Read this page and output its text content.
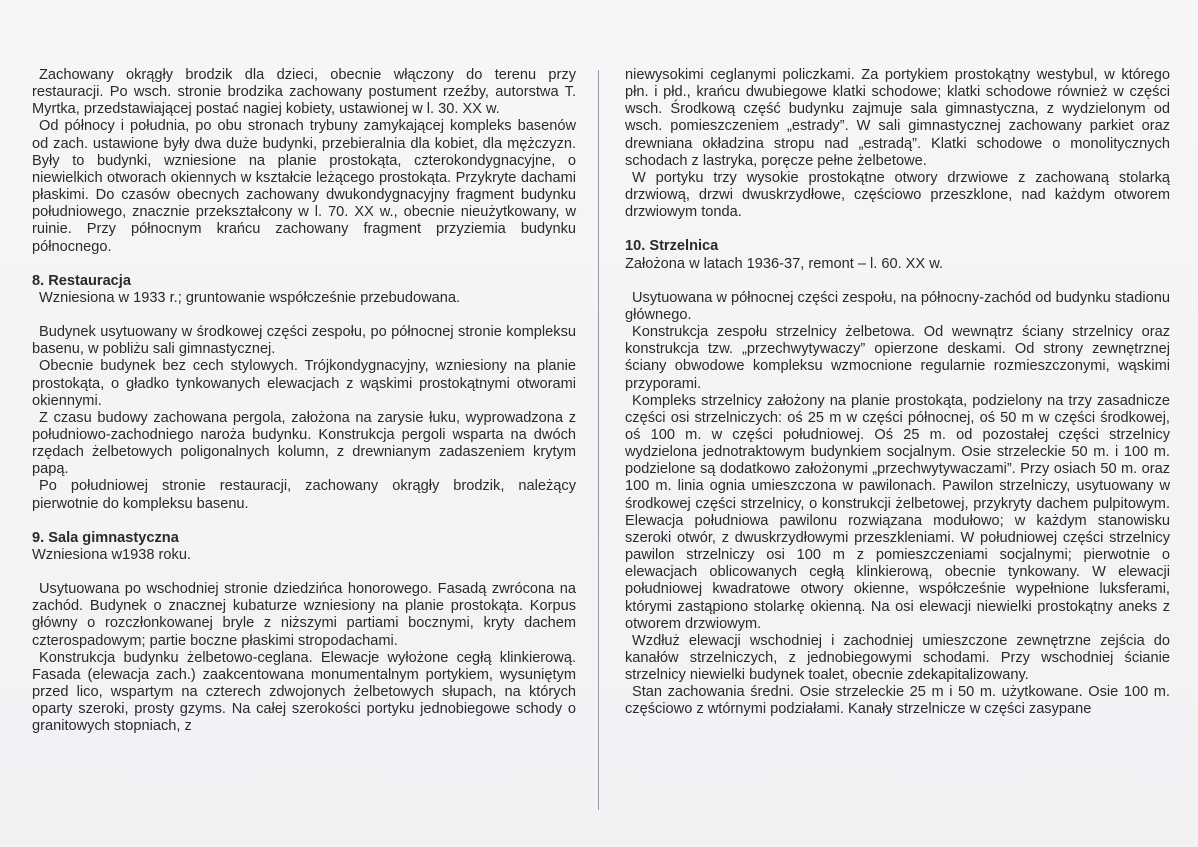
Zachowany okrągły brodzik dla dzieci, obecnie włączony do terenu przy restauracji. Po wsch. stronie brodzika zachowany postument rzeźby, autorstwa T. Myrtka, przedstawiającej postać nagiej kobiety, ustawionej w l. 30. XX w.

Od północy i południa, po obu stronach trybuny zamykającej kompleks basenów od zach. ustawione były dwa duże budynki, przebieralnia dla kobiet, dla mężczyzn. Były to budynki, wzniesione na planie prostokąta, czterokondygnacyjne, o niewielkich otworach okiennych w kształcie leżącego prostokąta. Przykryte dachami płaskimi. Do czasów obecnych zachowany dwukondygnacyjny fragment budynku południowego, znacznie przekształcony w l. 70. XX w., obecnie nieużytkowany, w ruinie. Przy północnym krańcu zachowany fragment przyziemia budynku północnego.

8. Restauracja

Wzniesiona w 1933 r.; gruntowanie współcześnie przebudowana.

Budynek usytuowany w środkowej części zespołu, po północnej stronie kompleksu basenu, w pobliżu sali gimnastycznej.

Obecnie budynek bez cech stylowych. Trójkondygnacyjny, wzniesiony na planie prostokąta, o gładko tynkowanych elewacjach z wąskimi prostokątnymi otworami okiennymi.

Z czasu budowy zachowana pergola, założona na zarysie łuku, wyprowadzona z południowo-zachodniego naroża budynku. Konstrukcja pergoli wsparta na dwóch rzędach żelbetowych poligonalnych kolumn, z drewnianym zadaszeniem krytym papą.

Po południowej stronie restauracji, zachowany okrągły brodzik, należący pierwotnie do kompleksu basenu.

9. Sala gimnastyczna

Wzniesiona w1938 roku.

Usytuowana po wschodniej stronie dziedzińca honorowego. Fasadą zwrócona na zachód. Budynek o znacznej kubaturze wzniesiony na planie prostokąta. Korpus główny o rozczłonkowanej bryle z niższymi partiami bocznymi, kryty dachem czterospadowym; partie boczne płaskimi stropodachami.

Konstrukcja budynku żelbetowo-ceglana. Elewacje wyłożone cegłą klinkierową. Fasada (elewacja zach.) zaakcentowana monumentalnym portykiem, wysuniętym przed lico, wspartym na czterech zdwojonych żelbetowych słupach, na których oparty szeroki, prosty gzyms. Na całej szerokości portyku jednobiegowe schody o granitowych stopniach, z

niewysokimi ceglanymi policzkami. Za portykiem prostokątny westybul, w którego płn. i płd., krańcu dwubiegowe klatki schodowe; klatki schodowe również w części wsch. Środkową część budynku zajmuje sala gimnastyczna, z wydzielonym od wsch. pomieszczeniem „estrady”. W sali gimnastycznej zachowany parkiet oraz drewniana okładzina stropu nad „estradą”. Klatki schodowe o monolitycznych schodach z lastryka, poręcze pełne żelbetowe.

W portyku trzy wysokie prostokątne otwory drzwiowe z zachowaną stolarką drzwiową, drzwi dwuskrzydłowe, częściowo przeszklone, nad każdym otworem drzwiowym tonda.

10. Strzelnica

Założona w latach 1936-37, remont – l. 60. XX w.

Usytuowana w północnej części zespołu, na północny-zachód od budynku stadionu głównego.

Konstrukcja zespołu strzelnicy żelbetowa. Od wewnątrz ściany strzelnicy oraz konstrukcja tzw. „przechwytywaczy” opierzone deskami. Od strony zewnętrznej ściany obwodowe kompleksu wzmocnione regularnie rozmieszczonymi, wąskimi przyporami.

Kompleks strzelnicy założony na planie prostokąta, podzielony na trzy zasadnicze części osi strzelniczych: oś 25 m w części północnej, oś 50 m w części środkowej, oś 100 m. w części południowej. Oś 25 m. od pozostałej części strzelnicy wydzielona jednotraktowym budynkiem socjalnym. Osie strzeleckie 50 m. i 100 m. podzielone są dodatkowo założonymi „przechwytywaczami”. Przy osiach 50 m. oraz 100 m. linia ognia umieszczona w pawilonach. Pawilon strzelniczy, usytuowany w środkowej części strzelnicy, o konstrukcji żelbetowej, przykryty dachem pulpitowym. Elewacja południowa pawilonu rozwiązana modułowo; w każdym stanowisku szeroki otwór, z dwuskrzydłowymi przeszkleniami. W południowej części strzelnicy pawilon strzelniczy osi 100 m z pomieszczeniami socjalnymi; pierwotnie o elewacjach oblicowanych cegłą klinkierową, obecnie tynkowany. W elewacji południowej kwadratowe otwory okienne, współcześnie wypełnione luksferami, którymi zastąpiono stolarkę okienną. Na osi elewacji niewielki prostokątny aneks z otworem drzwiowym.

Wzdłuż elewacji wschodniej i zachodniej umieszczone zewnętrzne zejścia do kanałów strzelniczych, z jednobiegowymi schodami. Przy wschodniej ścianie strzelnicy niewielki budynek toalet, obecnie zdekapitalizowany.

Stan zachowania średni. Osie strzeleckie 25 m i 50 m. użytkowane. Osie 100 m. częściowo z wtórnymi podziałami. Kanały strzelnicze w części zasypane
